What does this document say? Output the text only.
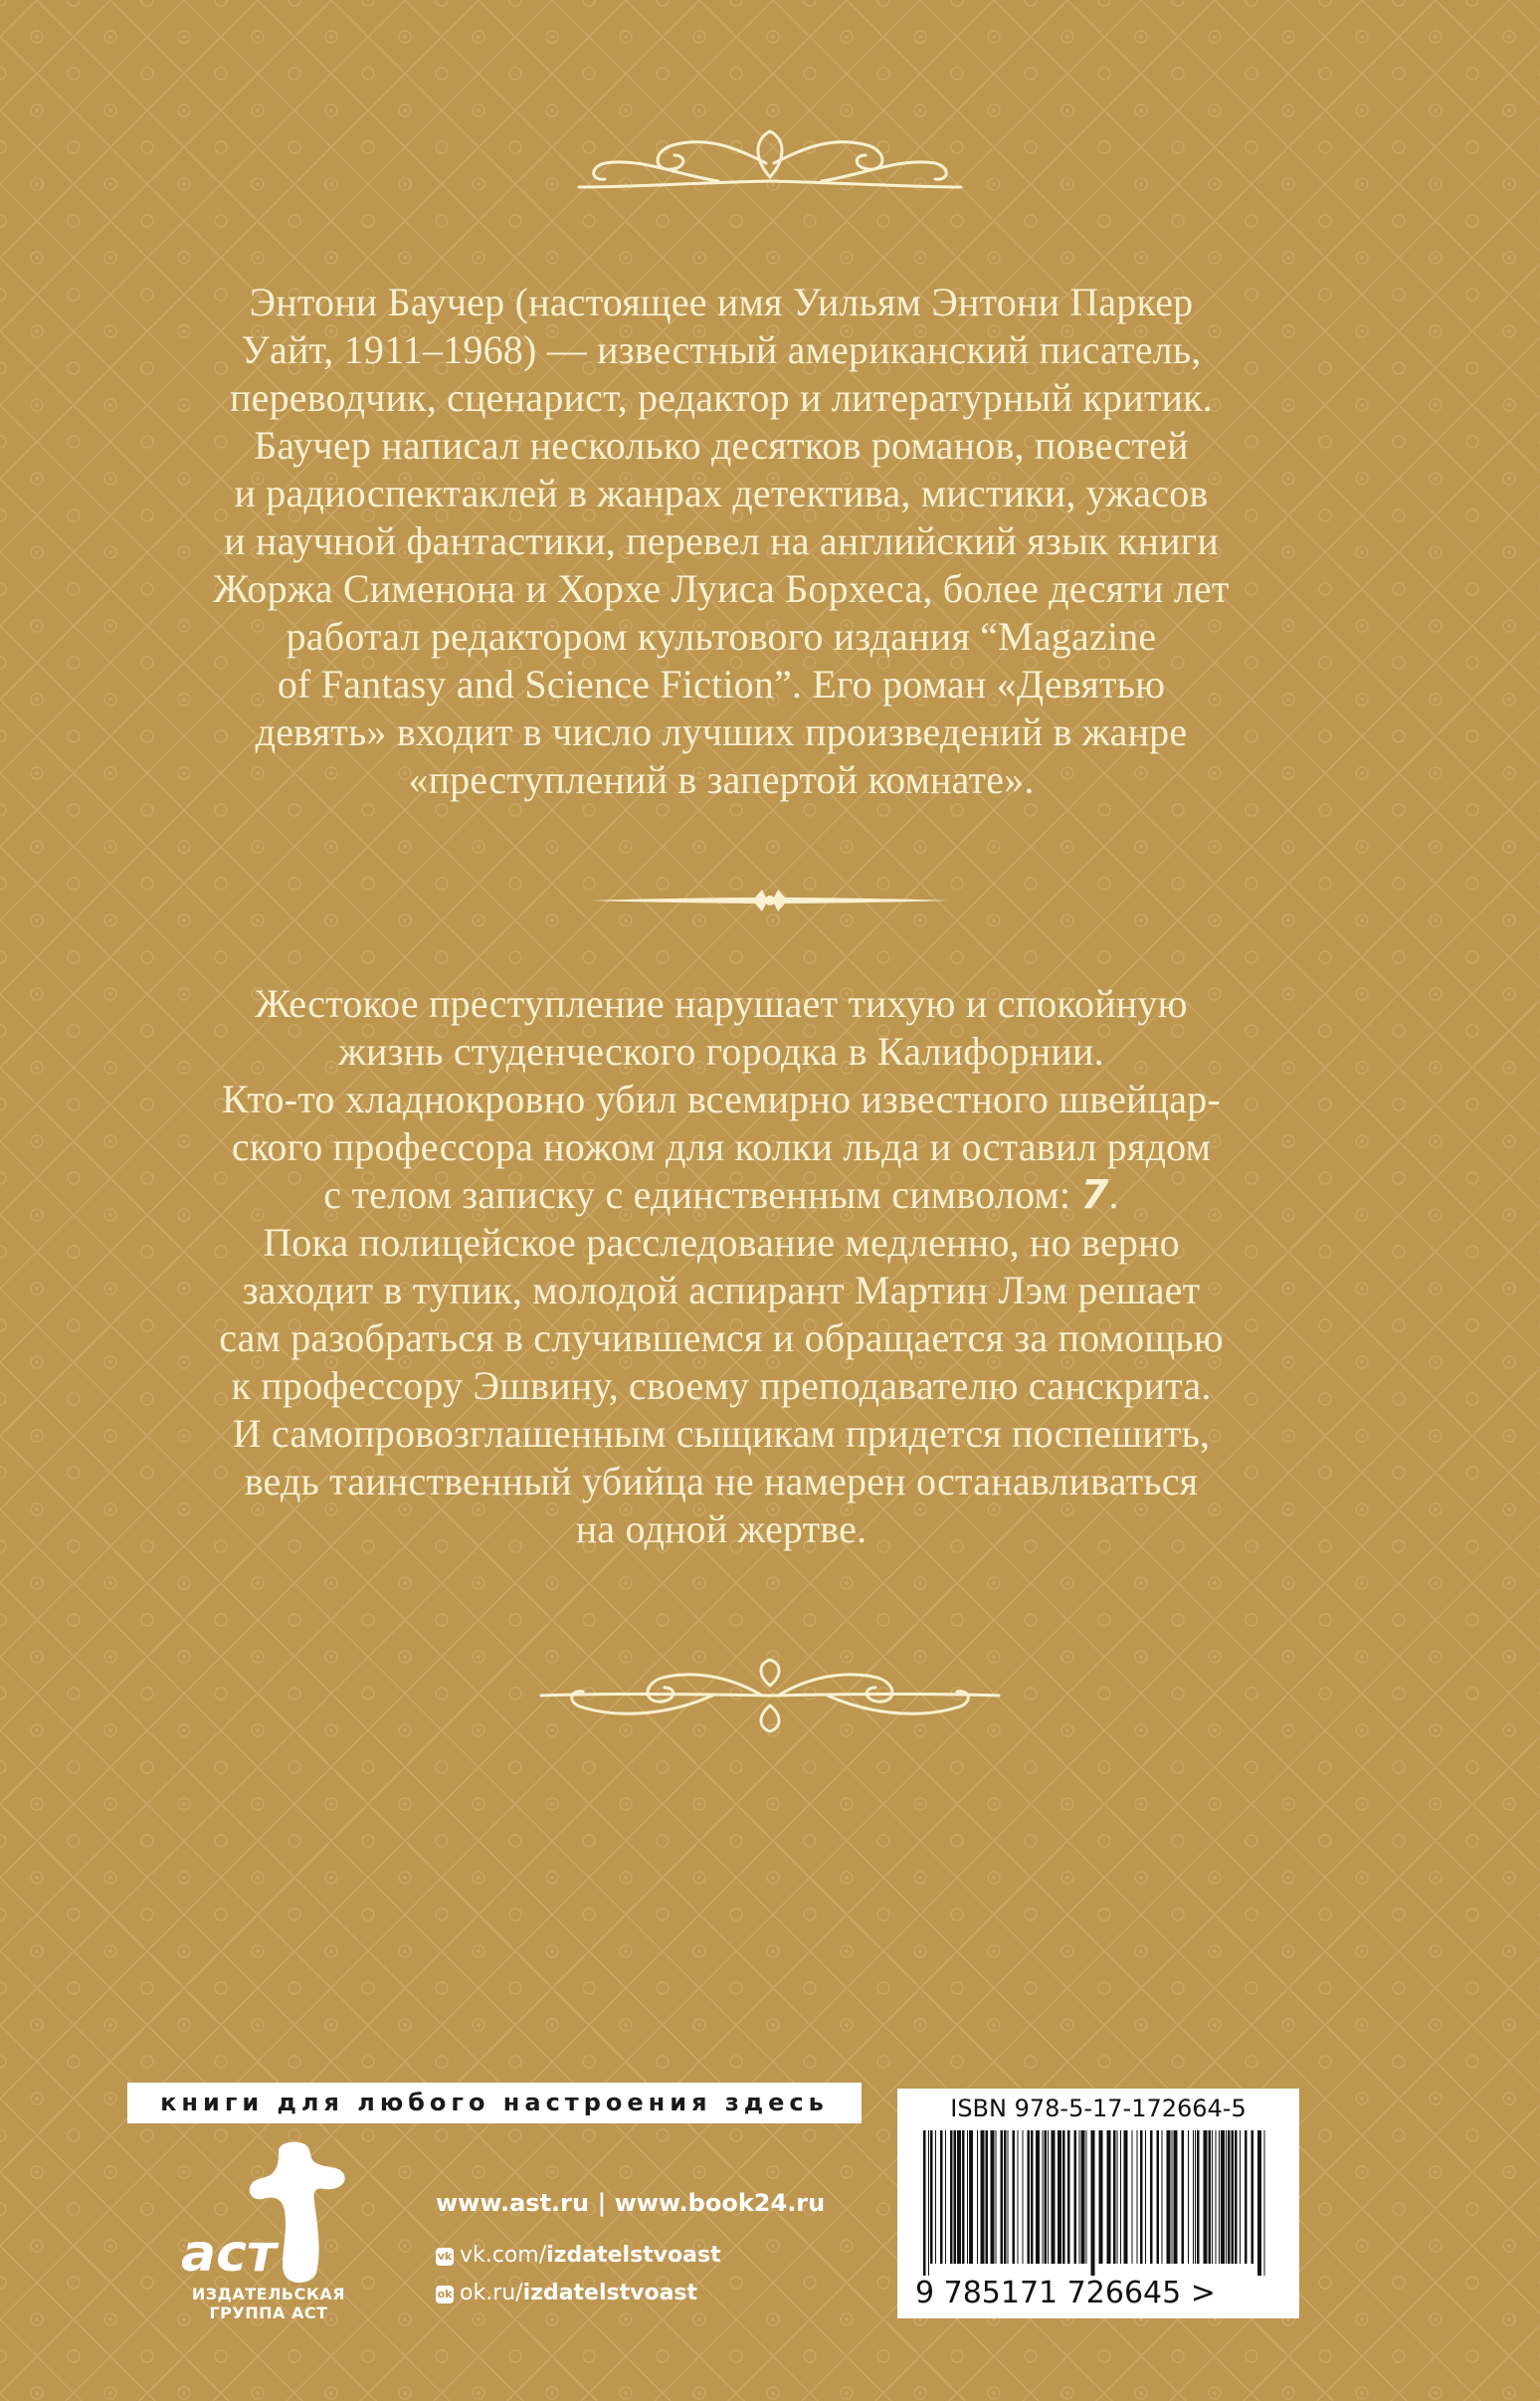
Энтони Баучер (настоящее имя Уильям Энтони Паркер
Уайт, 1911–1968) — известный американский писатель,
переводчик, сценарист, редактор и литературный критик.
Баучер написал несколько десятков романов, повестей
и радиоспектаклей в жанрах детектива, мистики, ужасов
и научной фантастики, перевел на английский язык книги
Жоржа Сименона и Хорхе Луиса Борхеса, более десяти лет
работал редактором культового издания “Magazine
of Fantasy and Science Fiction”. Его роман «Девятью
девять» входит в число лучших произведений в жанре
«преступлений в запертой комнате».

Жестокое преступление нарушает тихую и спокойную
жизнь студенческого городка в Калифорнии.
Кто-то хладнокровно убил всемирно известного швейцар-
ского профессора ножом для колки льда и оставил рядом
с телом записку с единственным символом: 7.
Пока полицейское расследование медленно, но верно
заходит в тупик, молодой аспирант Мартин Лэм решает
сам разобраться в случившемся и обращается за помощью
к профессору Эшвину, своему преподавателю санскрита.
И самопровозглашенным сыщикам придется поспешить,
ведь таинственный убийца не намерен останавливаться
на одной жертве.

книги для любого настроения здесь
аст
ИЗДАТЕЛЬСКАЯ ГРУППА АСТ
www.ast.ru | www.book24.ru
vk vk.com/izdatelstvoast
ok ok.ru/izdatelstvoast
ISBN 978-5-17-172664-5
9 785171 726645 >
